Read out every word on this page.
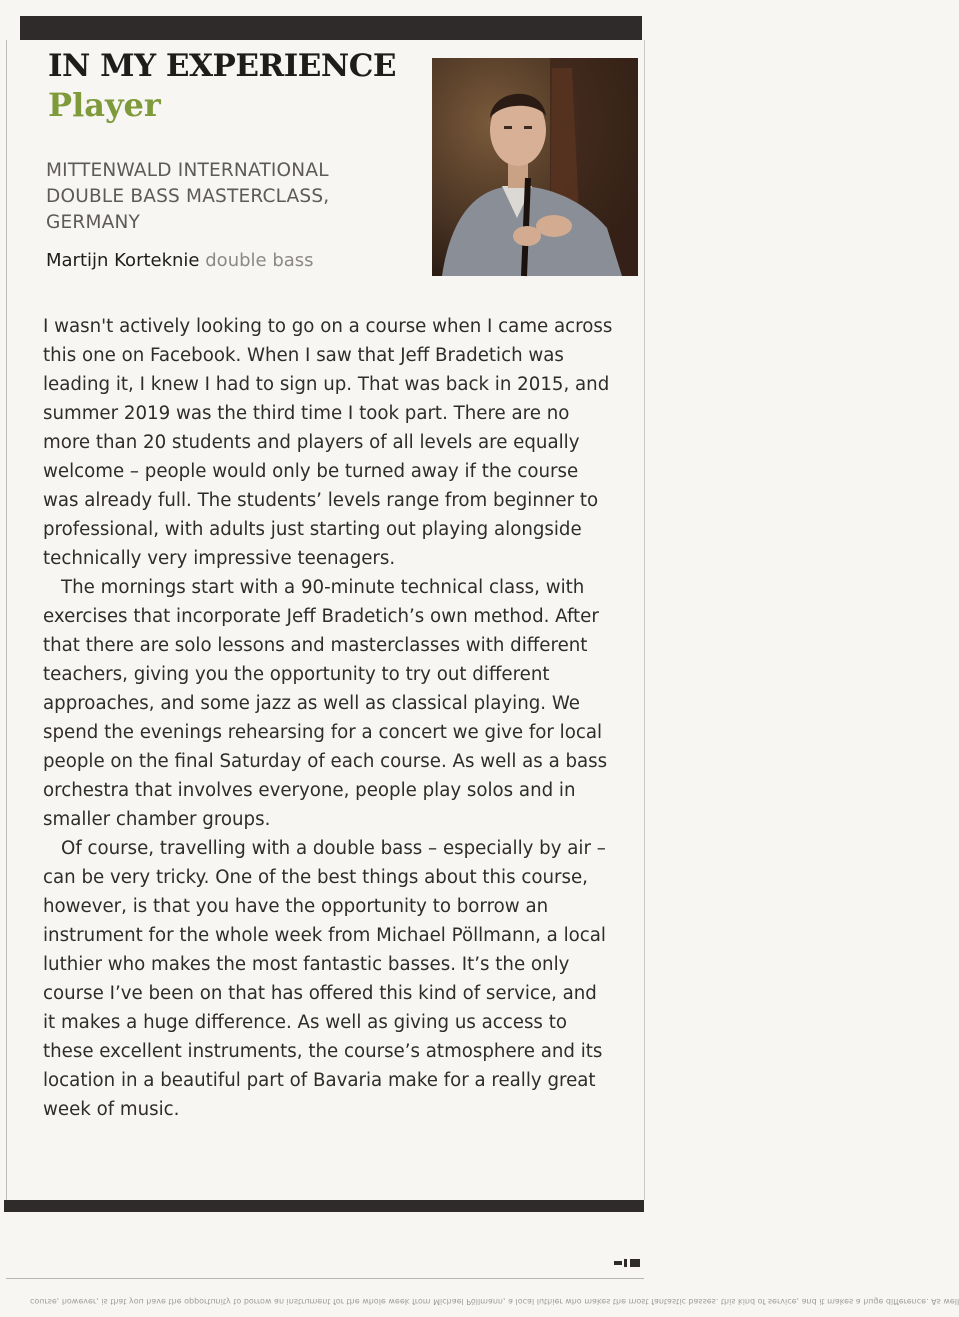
IN MY EXPERIENCE
Player
MITTENWALD INTERNATIONAL
DOUBLE BASS MASTERCLASS,
GERMANY
Martijn Korteknie double bass

I wasn't actively looking to go on a course when I came across this one on Facebook. When I saw that Jeff Bradetich was leading it, I knew I had to sign up. That was back in 2015, and summer 2019 was the third time I took part. There are no more than 20 students and players of all levels are equally welcome – people would only be turned away if the course was already full. The students’ levels range from beginner to professional, with adults just starting out playing alongside technically very impressive teenagers.

The mornings start with a 90-minute technical class, with exercises that incorporate Jeff Bradetich’s own method. After that there are solo lessons and masterclasses with different teachers, giving you the opportunity to try out different approaches, and some jazz as well as classical playing. We spend the evenings rehearsing for a concert we give for local people on the final Saturday of each course. As well as a bass orchestra that involves everyone, people play solos and in smaller chamber groups.

Of course, travelling with a double bass – especially by air – can be very tricky. One of the best things about this course, however, is that you have the opportunity to borrow an instrument for the whole week from Michael Pöllmann, a local luthier who makes the most fantastic basses. It’s the only course I’ve been on that has offered this kind of service, and it makes a huge difference. As well as giving us access to these excellent instruments, the course’s atmosphere and its location in a beautiful part of Bavaria make for a really great week of music.

course, however, is that you have the opportunity to borrow an instrument for the whole week from Michael Pöllmann, a local luthier who makes the most fantastic basses. this kind of service, and it makes a huge difference. As well
